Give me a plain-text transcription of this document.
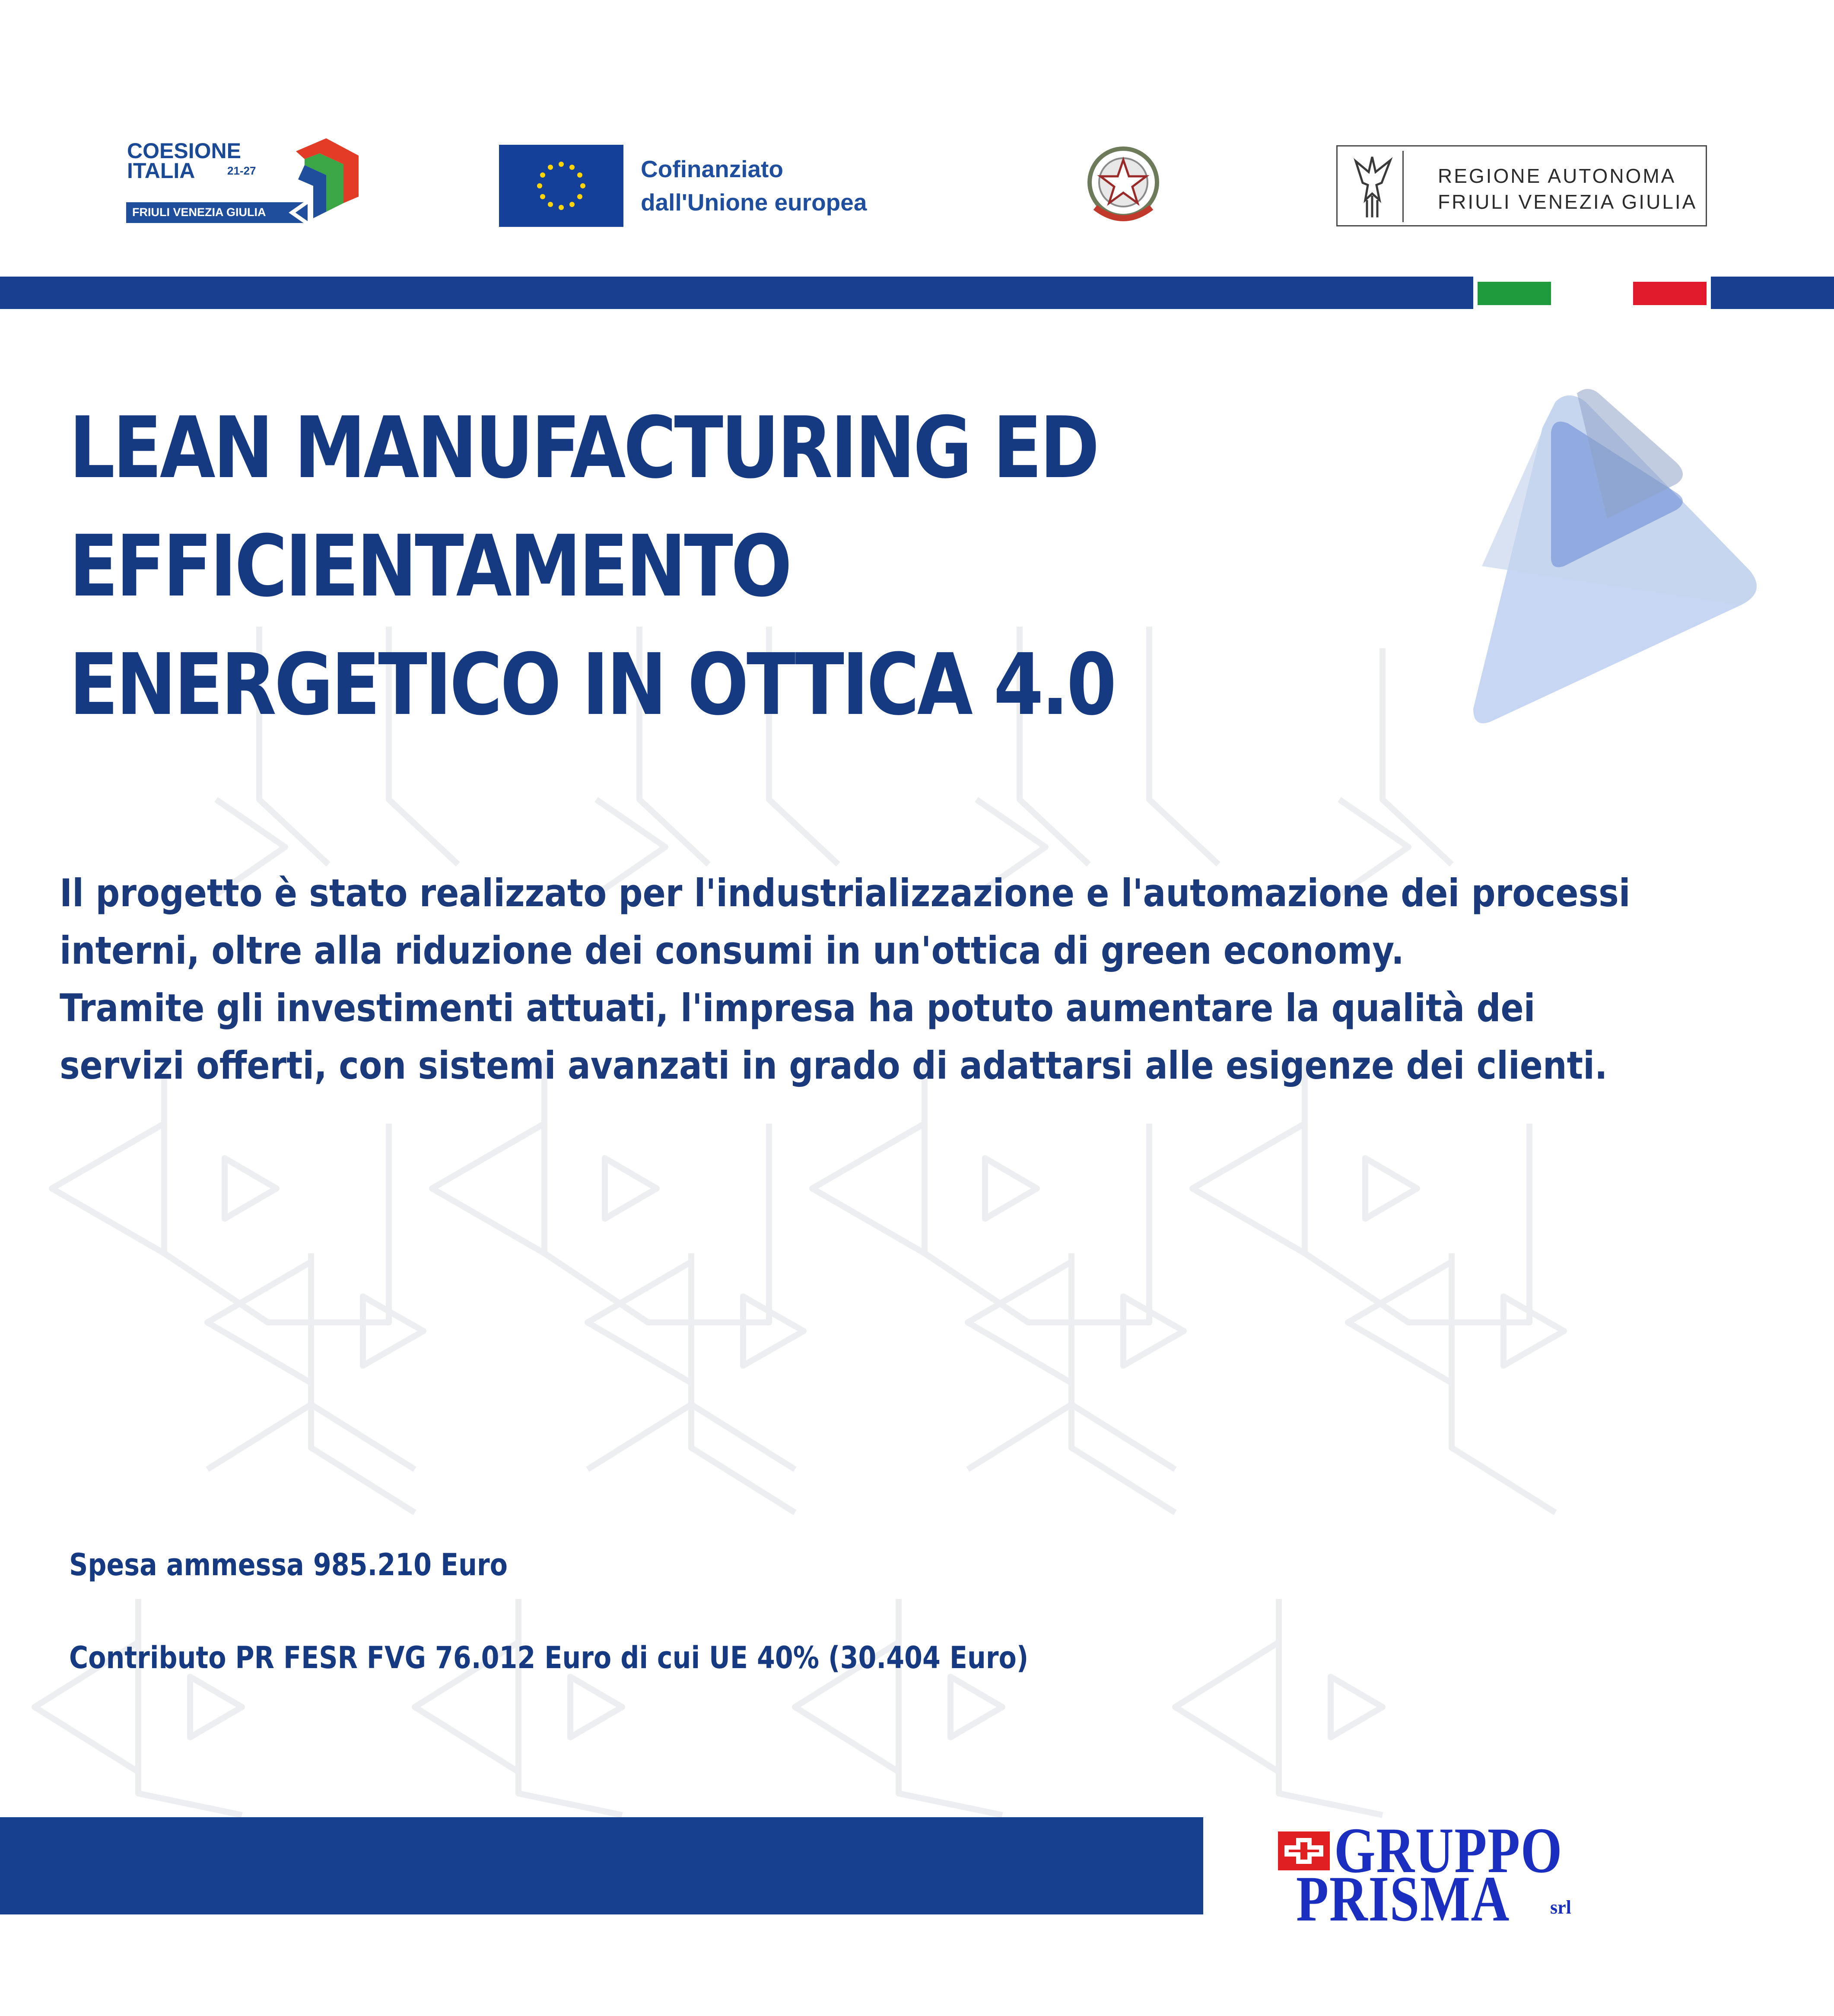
COESIONE
ITALIA	21-27
FRIULI VENEZIA GIULIA
Cofinanziato
dall'Unione europea
REGIONE AUTONOMA
FRIULI VENEZIA GIULIA
LEAN MANUFACTURING ED
EFFICIENTAMENTO
ENERGETICO IN OTTICA 4.0
Il progetto è stato realizzato per l'industrializzazione e l'automazione dei processi
interni, oltre alla riduzione dei consumi in un'ottica di green economy.
Tramite gli investimenti attuati, l'impresa ha potuto aumentare la qualità dei
servizi offerti, con sistemi avanzati in grado di adattarsi alle esigenze dei clienti.
Spesa ammessa 985.210 Euro
Contributo PR FESR FVG 76.012 Euro di cui UE 40% (30.404 Euro)
GRUPPO
PRISMA srl
